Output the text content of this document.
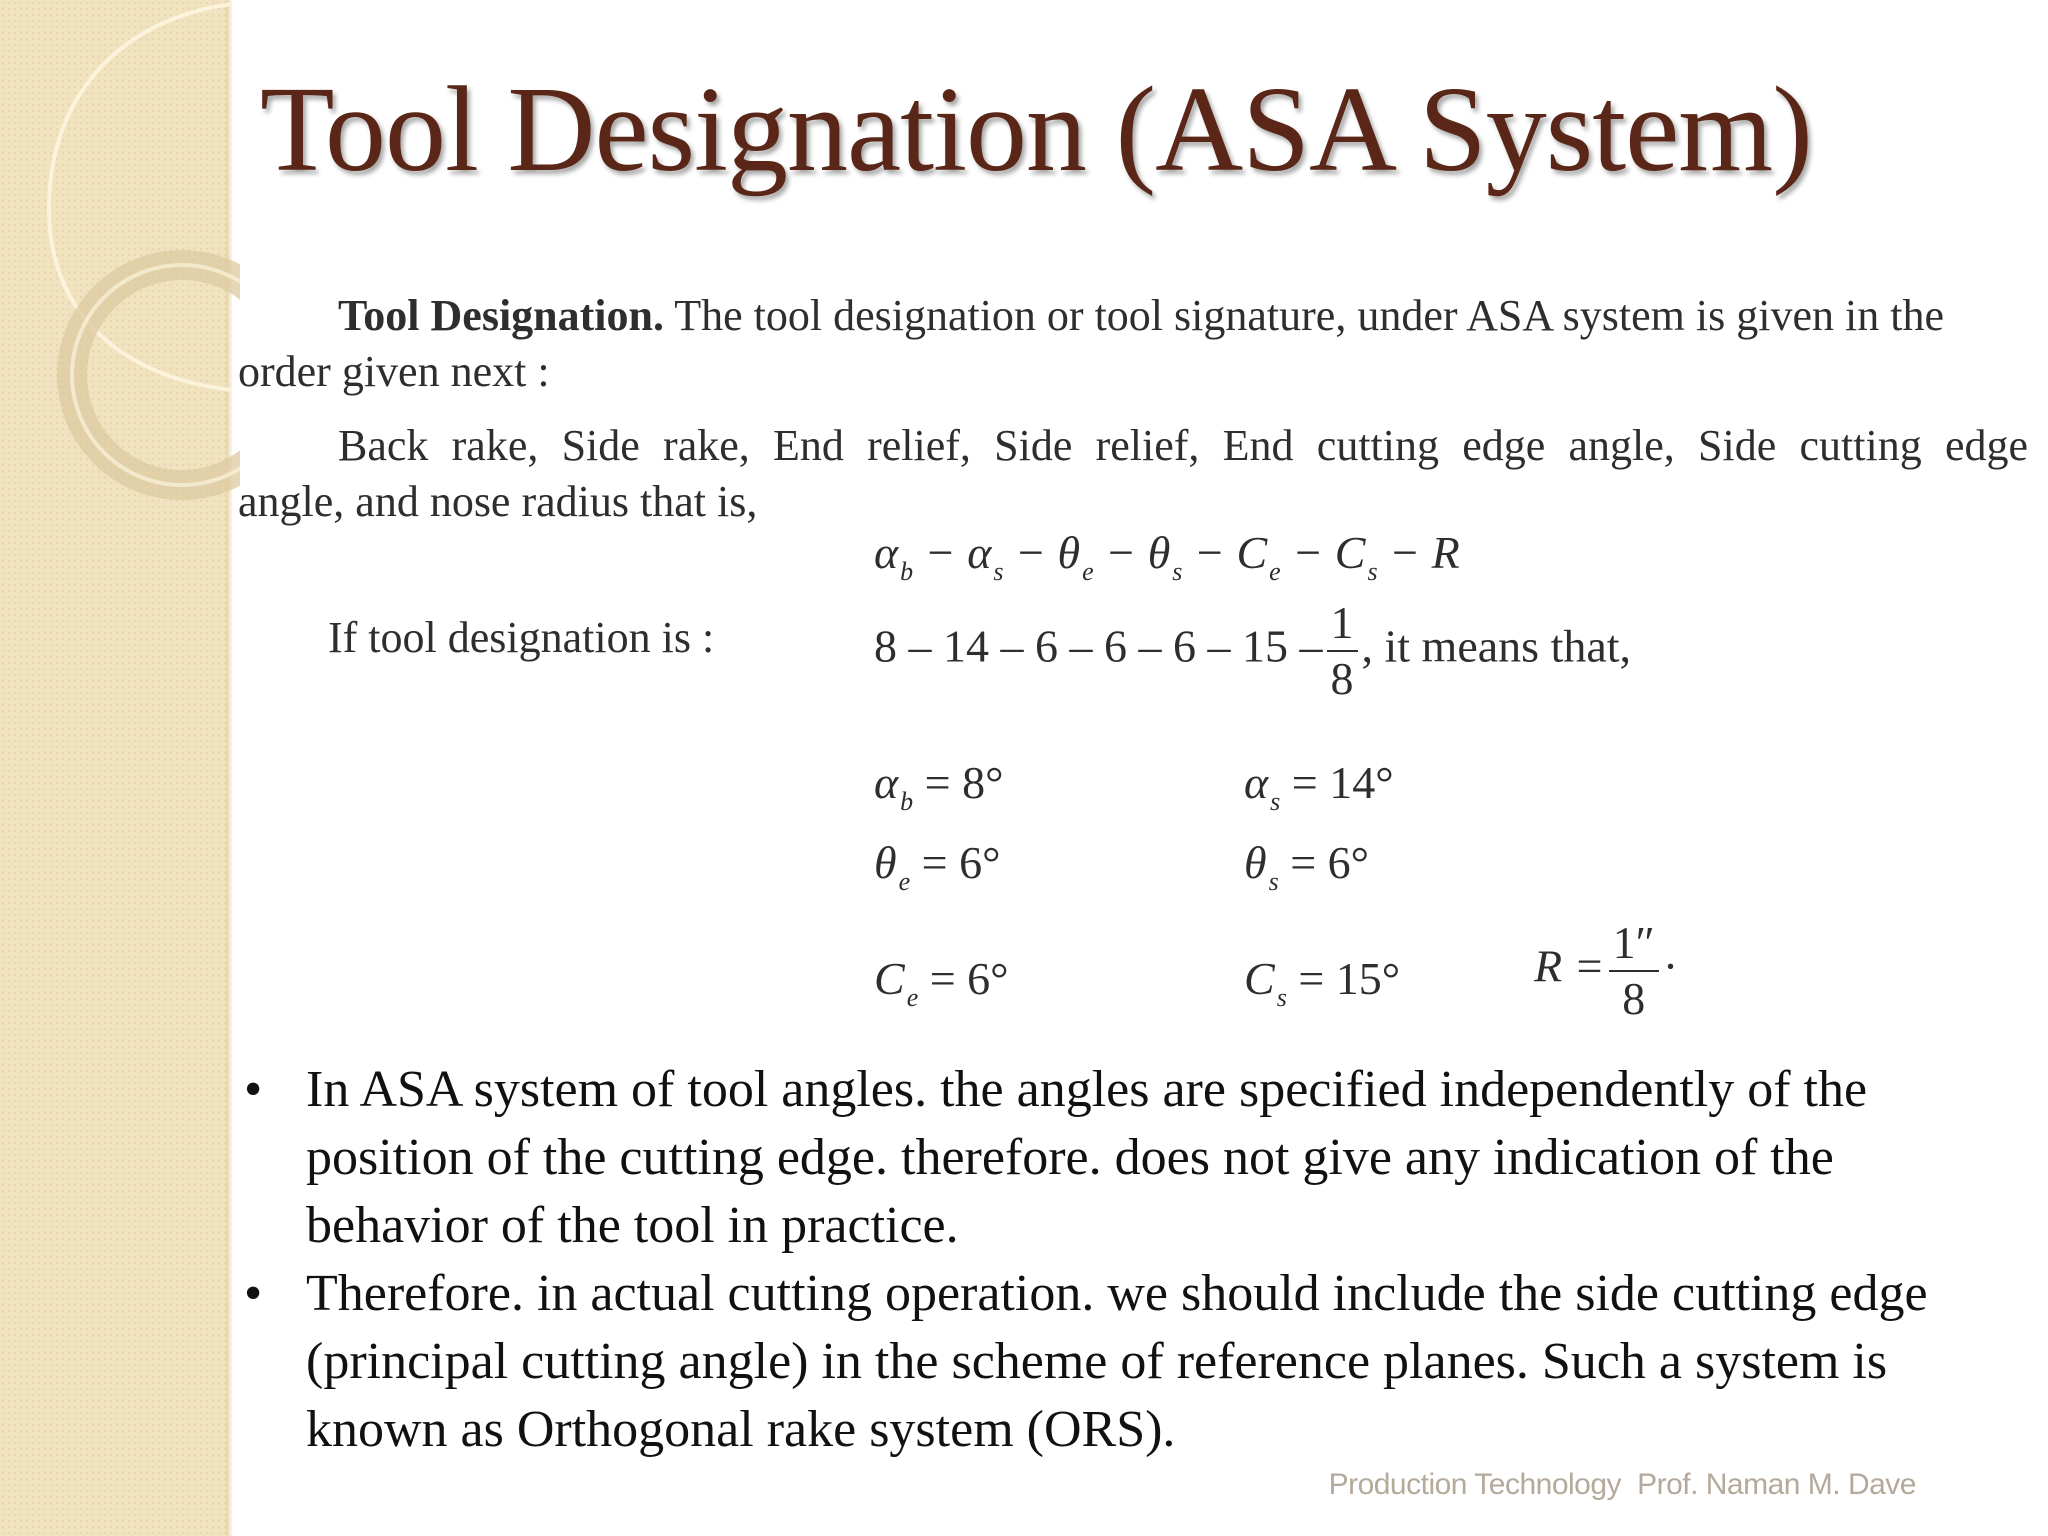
Tool Designation (ASA System)
Tool Designation. The tool designation or tool signature, under ASA system is given in the
order given next :
Back rake, Side rake, End relief, Side relief, End cutting edge angle, Side cutting edge
angle, and nose radius that is,
$\alpha_b - \alpha_s - \theta_e - \theta_s - C_e - C_s - R$
If tool designation is :	$8 - 14 - 6 - 6 - 6 - 15 - \frac{1}{8}$ , it means that,
$\alpha_b = 8^\circ$	$\alpha_s = 14^\circ$
$\theta_e = 6^\circ$	$\theta_s = 6^\circ$
$C_e = 6^\circ$	$C_s = 15^\circ$	$R = \frac{1''}{8}$ ·

• In ASA system of tool angles. the angles are specified independently of the position of the cutting edge. therefore. does not give any indication of the behavior of the tool in practice.

• Therefore. in actual cutting operation. we should include the side cutting edge (principal cutting angle) in the scheme of reference planes. Such a system is known as Orthogonal rake system (ORS).

Production Technology Prof. Naman M. Dave
